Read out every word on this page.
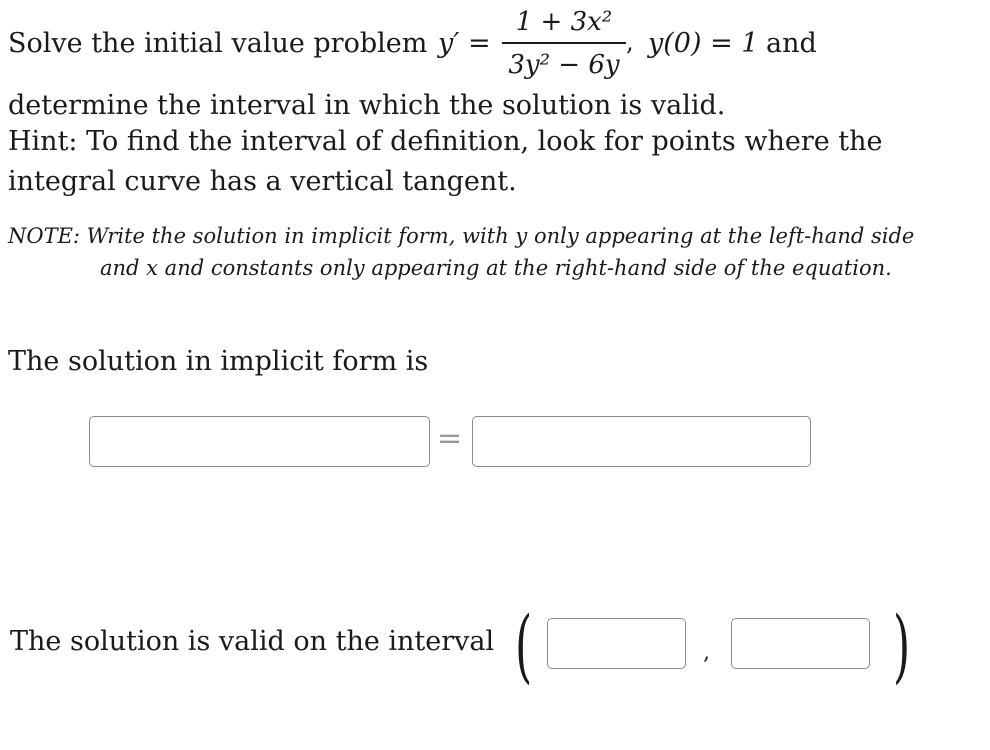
Solve the initial value problem y′ =
1 + 3x²
3y² − 6y
, y(0) = 1 and
determine the interval in which the solution is valid.
Hint: To find the interval of definition, look for points where the
integral curve has a vertical tangent.
NOTE: Write the solution in implicit form, with y only appearing at the left-hand side
and x and constants only appearing at the right-hand side of the equation.
The solution in implicit form is
=
The solution is valid on the interval (	, )
